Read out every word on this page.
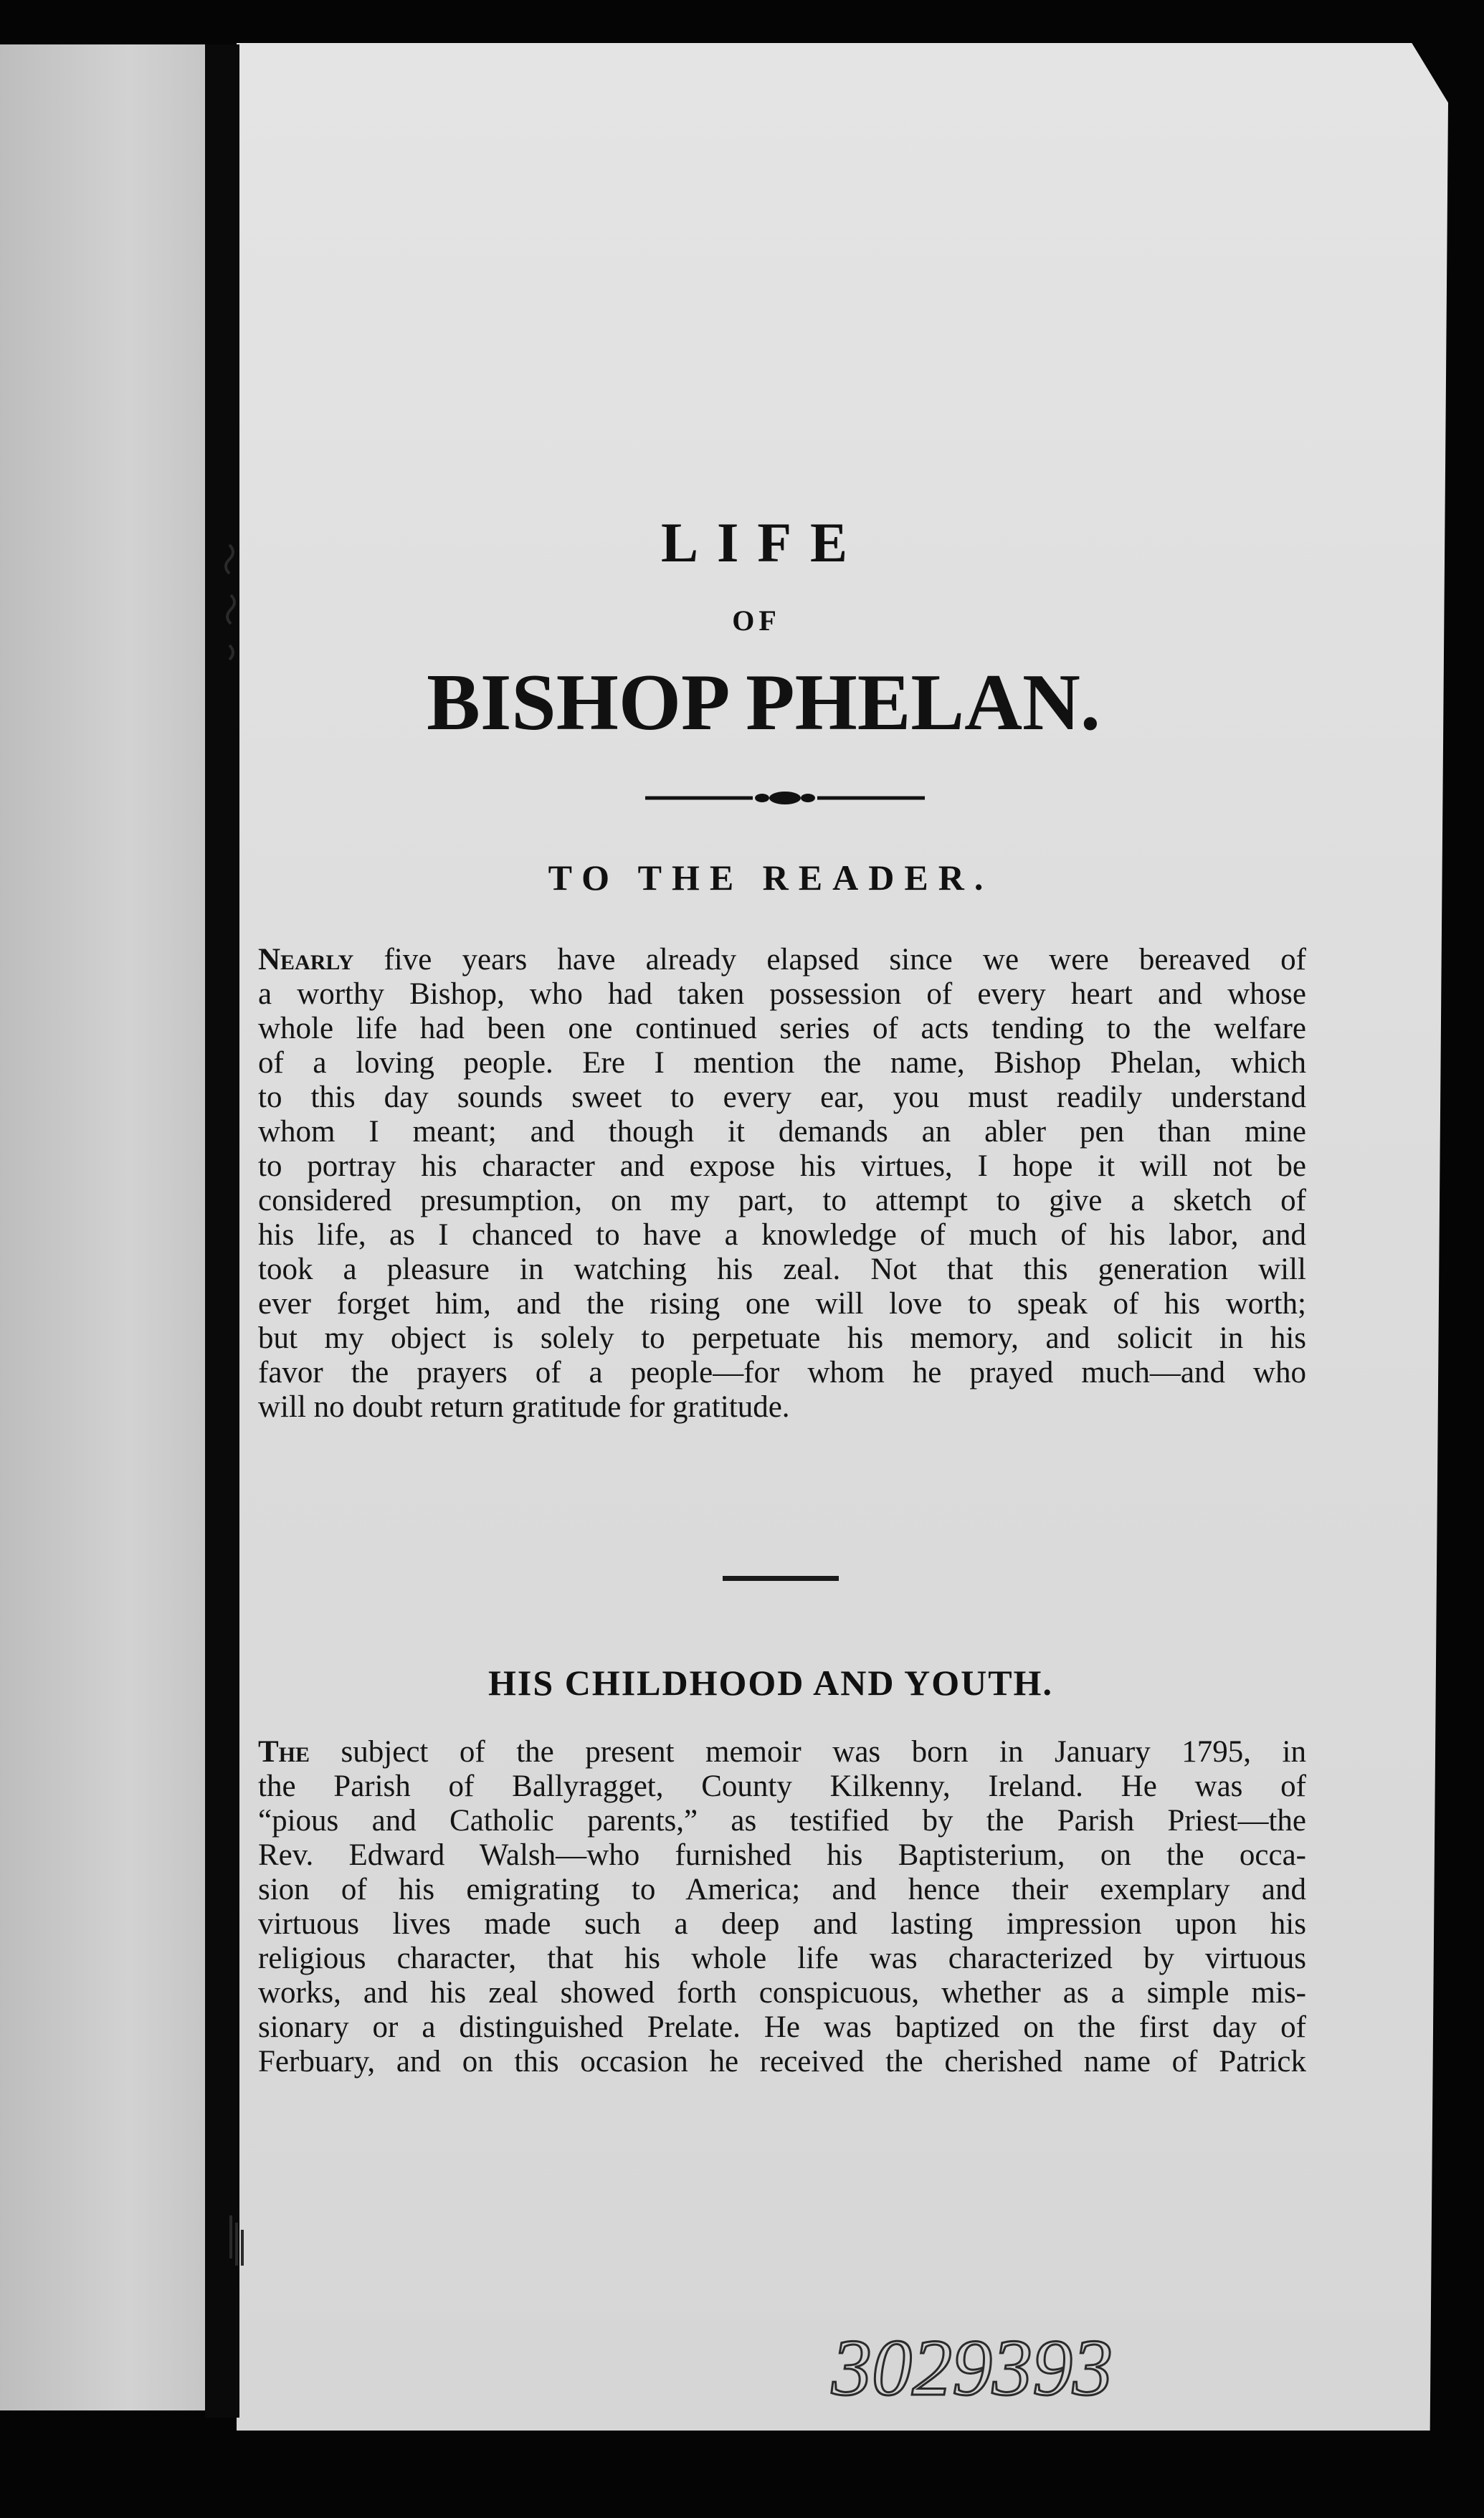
LIFE
OF
BISHOP PHELAN.
TO THE READER.
Nearly five years have already elapsed since we were bereaved of
a worthy Bishop, who had taken possession of every heart and whose
whole life had been one continued series of acts tending to the welfare
of a loving people. Ere I mention the name, Bishop Phelan, which
to this day sounds sweet to every ear, you must readily understand
whom I meant; and though it demands an abler pen than mine
to portray his character and expose his virtues, I hope it will not be
considered presumption, on my part, to attempt to give a sketch of
his life, as I chanced to have a knowledge of much of his labor, and
took a pleasure in watching his zeal. Not that this generation will
ever forget him, and the rising one will love to speak of his worth;
but my object is solely to perpetuate his memory, and solicit in his
favor the prayers of a people—for whom he prayed much—and who
will no doubt return gratitude for gratitude.
HIS CHILDHOOD AND YOUTH.
The subject of the present memoir was born in January 1795, in
the Parish of Ballyragget, County Kilkenny, Ireland. He was of
“pious and Catholic parents,” as testified by the Parish Priest—the
Rev. Edward Walsh—who furnished his Baptisterium, on the occa-
sion of his emigrating to America; and hence their exemplary and
virtuous lives made such a deep and lasting impression upon his
religious character, that his whole life was characterized by virtuous
works, and his zeal showed forth conspicuous, whether as a simple mis-
sionary or a distinguished Prelate. He was baptized on the first day of
Ferbuary, and on this occasion he received the cherished name of Patrick
3029393
